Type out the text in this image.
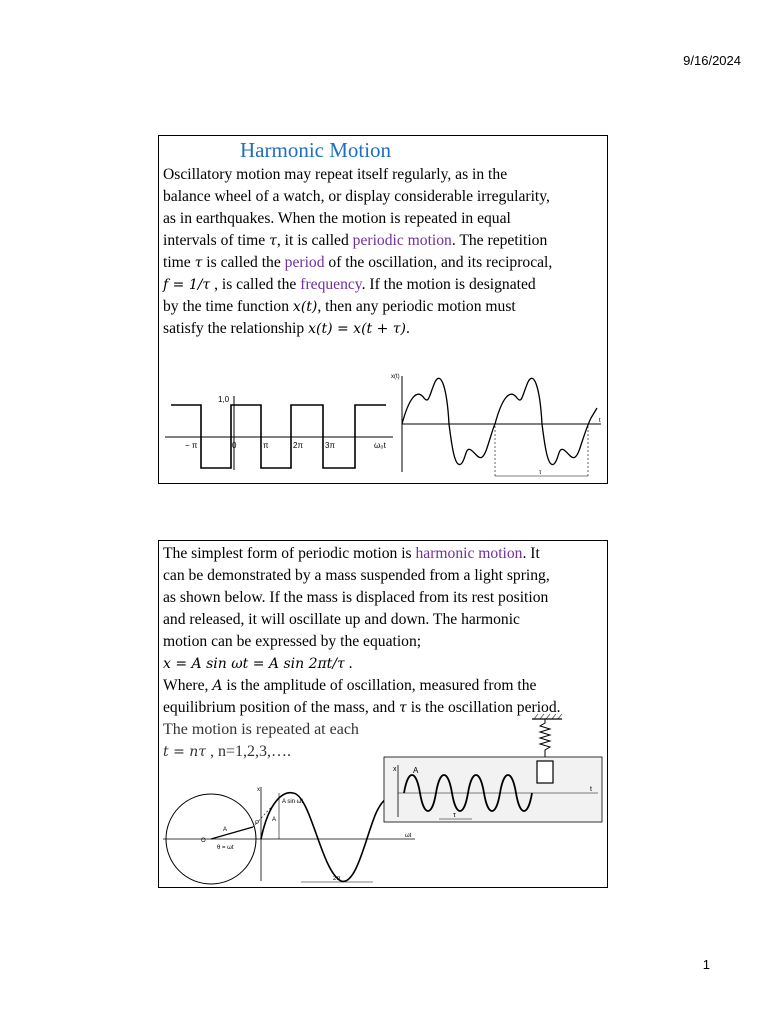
9/16/2024
Harmonic Motion
Oscillatory motion may repeat itself regularly, as in the
balance wheel of a watch, or display considerable irregularity,
as in earthquakes. When the motion is repeated in equal
intervals of time τ, it is called periodic motion. The repetition
time τ is called the period of the oscillation, and its reciprocal,
f = 1/τ , is called the frequency. If the motion is designated
by the time function x(t), then any periodic motion must
satisfy the relationship x(t) = x(t + τ).
1,0
− π	0	π	2π	3π	ω₀t
x(t)
t
τ
The simplest form of periodic motion is harmonic motion. It
can be demonstrated by a mass suspended from a light spring,
as shown below. If the mass is displaced from its rest position
and released, it will oscillate up and down. The harmonic
motion can be expressed by the equation;
x = A sin ωt = A sin 2πt/τ .
Where, A is the amplitude of oscillation, measured from the
equilibrium position of the mass, and τ is the oscillation period.
The motion is repeated at each
t = nτ , n=1,2,3,….
x
A sin ωt
A
A
P
O
θ = ωt
ωt
2π
x A
τ
t
1
